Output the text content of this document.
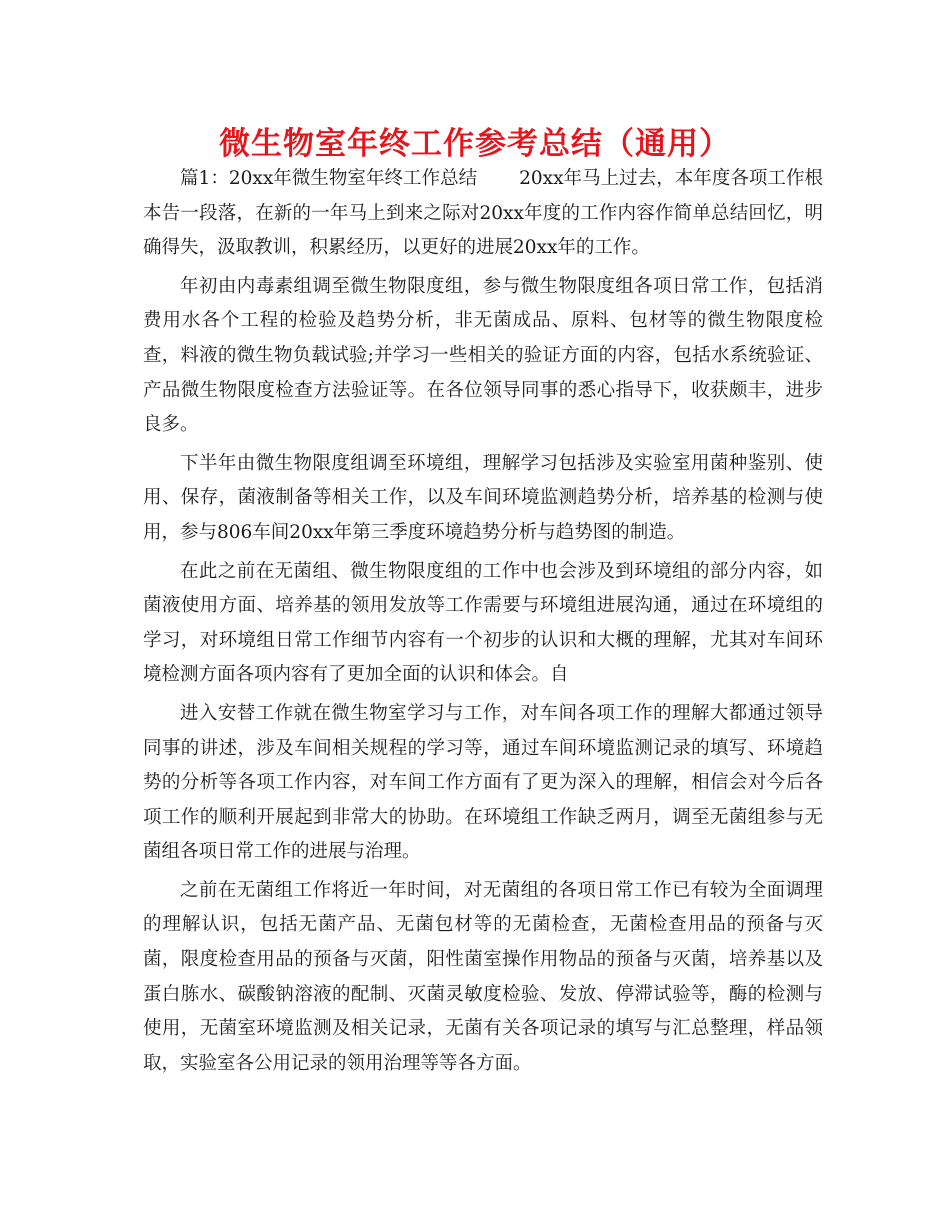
微生物室年终工作参考总结（通用）

篇1：20xx年微生物室年终工作总结 20xx年马上过去，本年度各项工作根本告一段落，在新的一年马上到来之际对20xx年度的工作内容作简单总结回忆，明确得失，汲取教训，积累经历，以更好的进展20xx年的工作。

年初由内毒素组调至微生物限度组，参与微生物限度组各项日常工作，包括消费用水各个工程的检验及趋势分析，非无菌成品、原料、包材等的微生物限度检查，料液的微生物负载试验;并学习一些相关的验证方面的内容，包括水系统验证、产品微生物限度检查方法验证等。在各位领导同事的悉心指导下，收获颇丰，进步良多。

下半年由微生物限度组调至环境组，理解学习包括涉及实验室用菌种鉴别、使用、保存，菌液制备等相关工作，以及车间环境监测趋势分析，培养基的检测与使用，参与806车间20xx年第三季度环境趋势分析与趋势图的制造。

在此之前在无菌组、微生物限度组的工作中也会涉及到环境组的部分内容，如菌液使用方面、培养基的领用发放等工作需要与环境组进展沟通，通过在环境组的学习，对环境组日常工作细节内容有一个初步的认识和大概的理解，尤其对车间环境检测方面各项内容有了更加全面的认识和体会。自

进入安替工作就在微生物室学习与工作，对车间各项工作的理解大都通过领导同事的讲述，涉及车间相关规程的学习等，通过车间环境监测记录的填写、环境趋势的分析等各项工作内容，对车间工作方面有了更为深入的理解，相信会对今后各项工作的顺利开展起到非常大的协助。在环境组工作缺乏两月，调至无菌组参与无菌组各项日常工作的进展与治理。

之前在无菌组工作将近一年时间，对无菌组的各项日常工作已有较为全面调理的理解认识，包括无菌产品、无菌包材等的无菌检查，无菌检查用品的预备与灭菌，限度检查用品的预备与灭菌，阳性菌室操作用物品的预备与灭菌，培养基以及蛋白胨水、碳酸钠溶液的配制、灭菌灵敏度检验、发放、停滞试验等，酶的检测与使用，无菌室环境监测及相关记录，无菌有关各项记录的填写与汇总整理，样品领取，实验室各公用记录的领用治理等等各方面。
